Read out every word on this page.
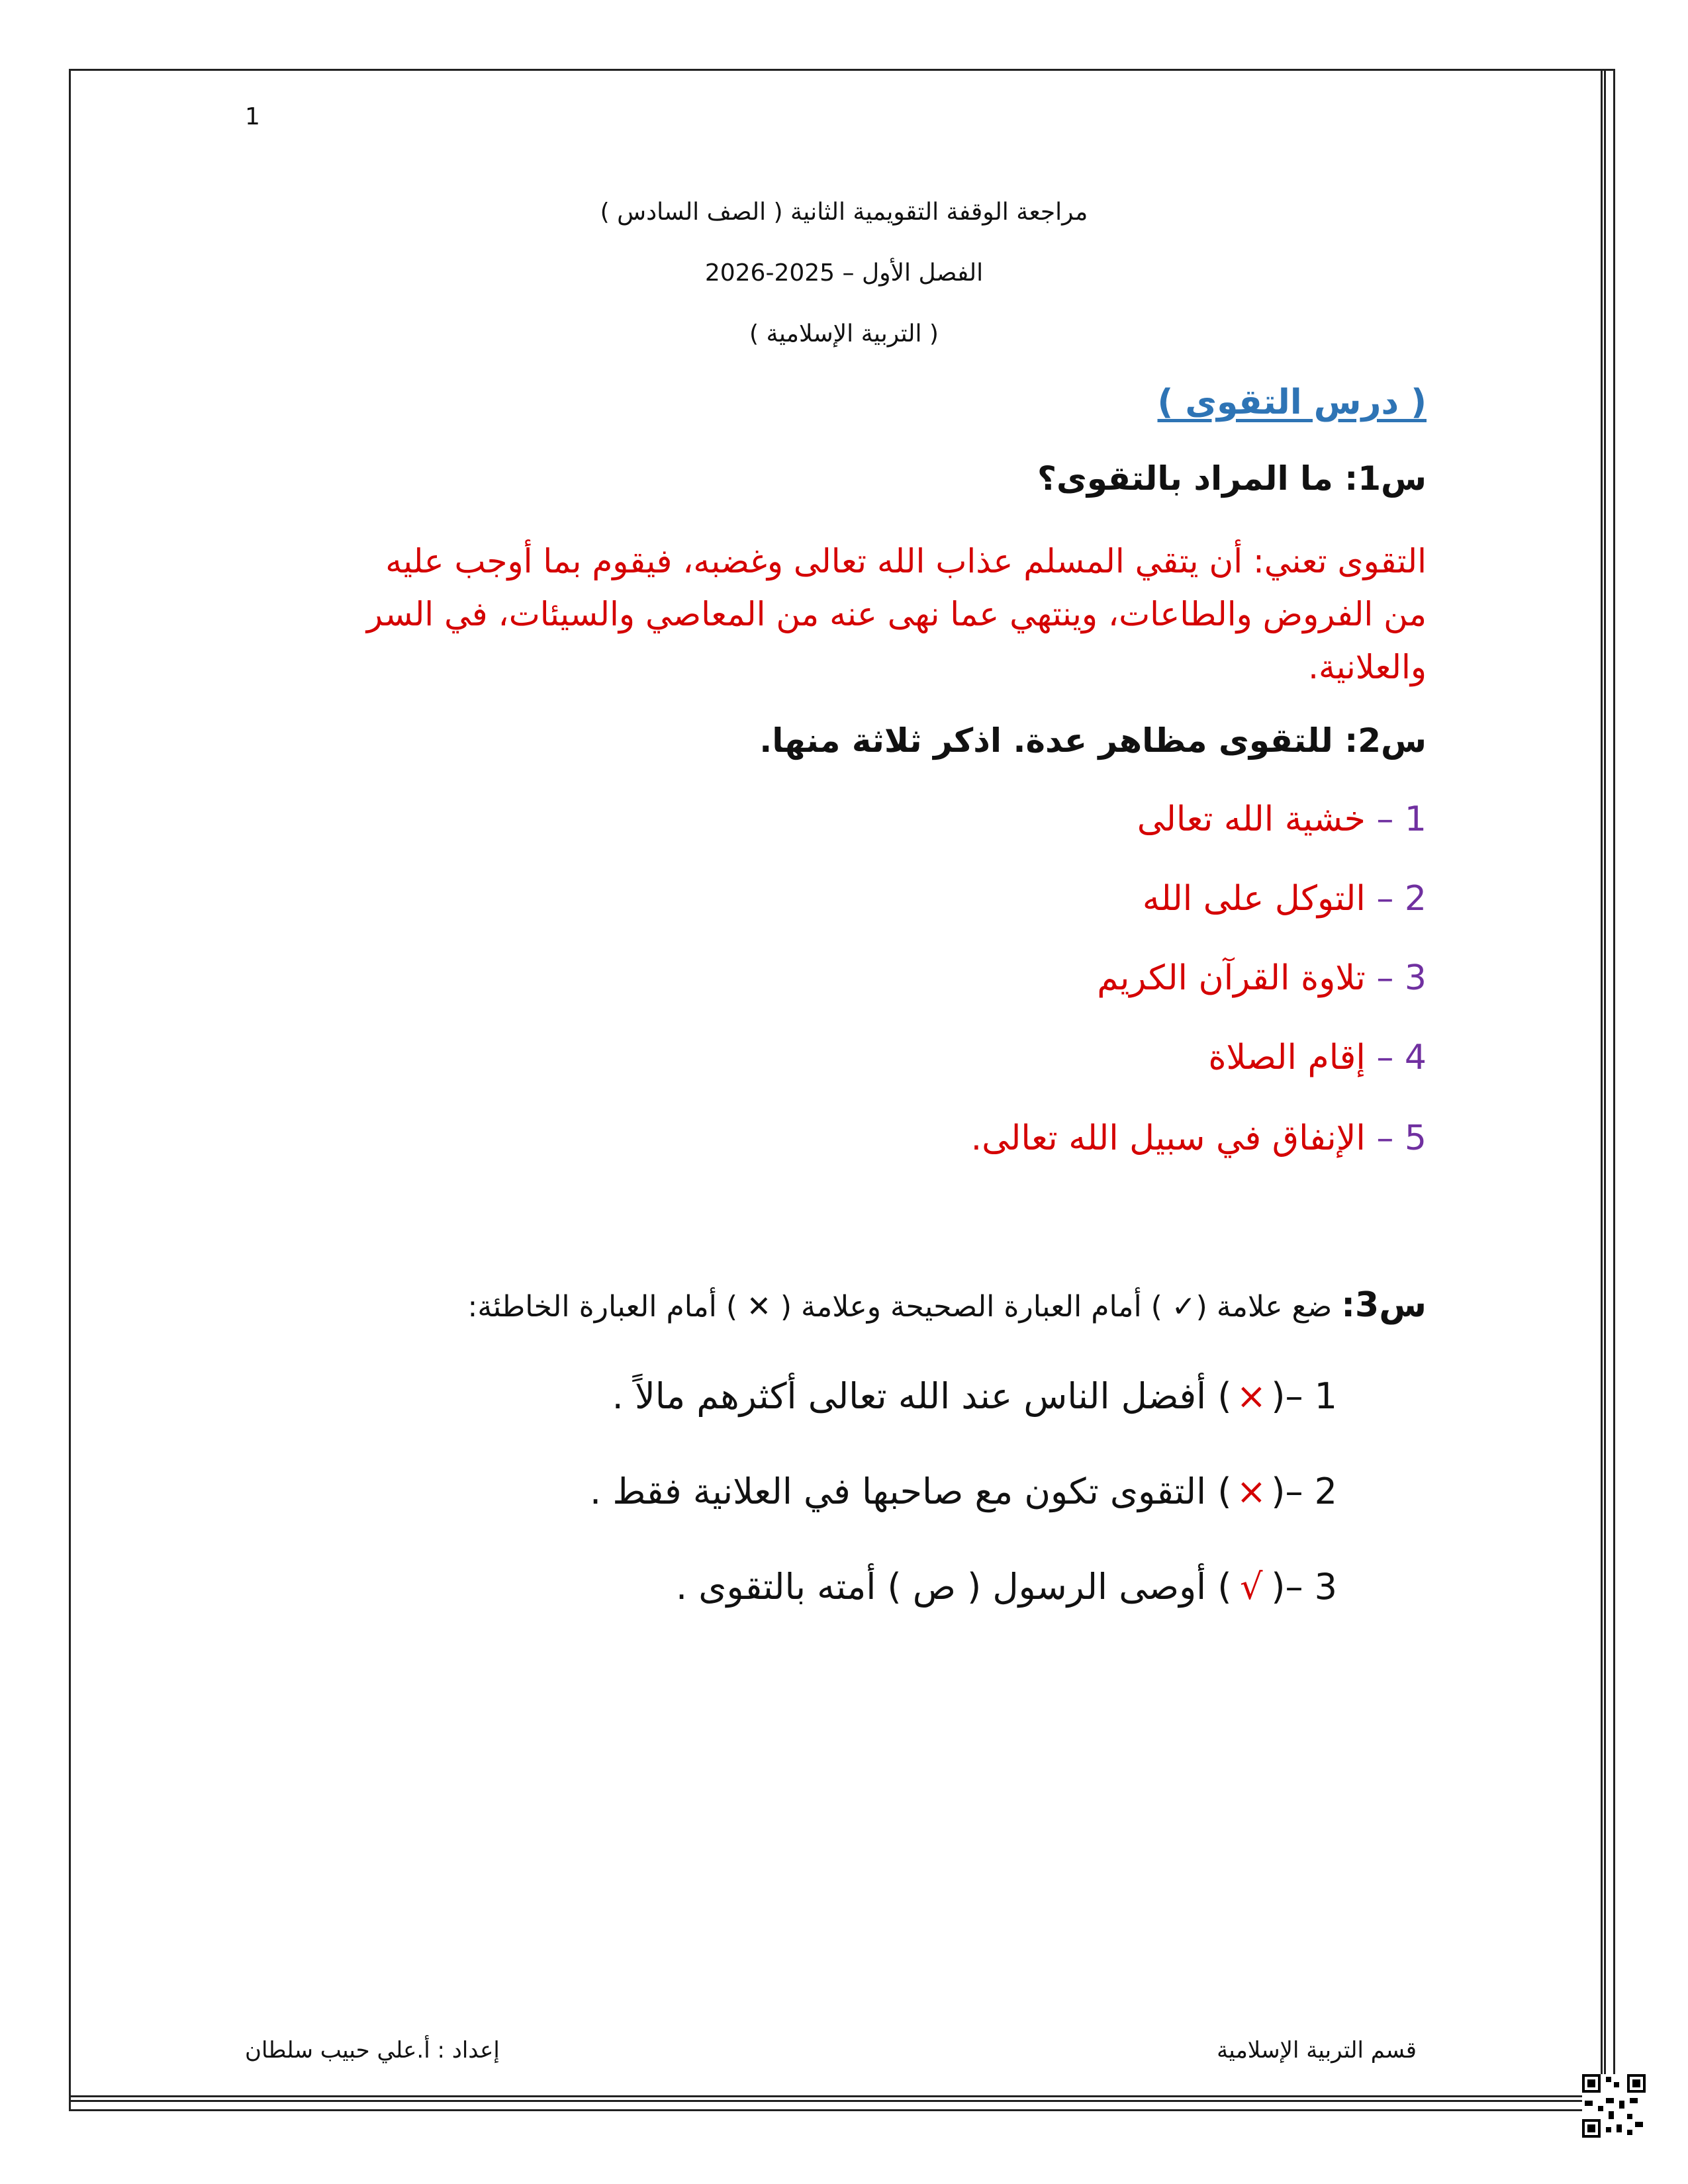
1
مراجعة الوقفة التقويمية الثانية ( الصف السادس )
الفصل الأول – 2025-2026
( التربية الإسلامية )
( درس التقوى )
س1: ما المراد بالتقوى؟
التقوى تعني: أن يتقي المسلم عذاب الله تعالى وغضبه، فيقوم بما أوجب عليه من الفروض والطاعات، وينتهي عما نهى عنه من المعاصي والسيئات، في السر والعلانية.
س2: للتقوى مظاهر عدة. اذكر ثلاثة منها.
1 – خشية الله تعالى
2 – التوكل على الله
3 – تلاوة القرآن الكريم
4 – إقام الصلاة
5 – الإنفاق في سبيل الله تعالى.
س3: ضع علامة (✓ ) أمام العبارة الصحيحة وعلامة ( ✕ ) أمام العبارة الخاطئة:
1 –(×) أفضل الناس عند الله تعالى أكثرهم مالاً .
2 –(×) التقوى تكون مع صاحبها في العلانية فقط .
3 –(√) أوصى الرسول ( ص ) أمته بالتقوى .
قسم التربية الإسلامية
إعداد : أ.علي حبيب سلطان
